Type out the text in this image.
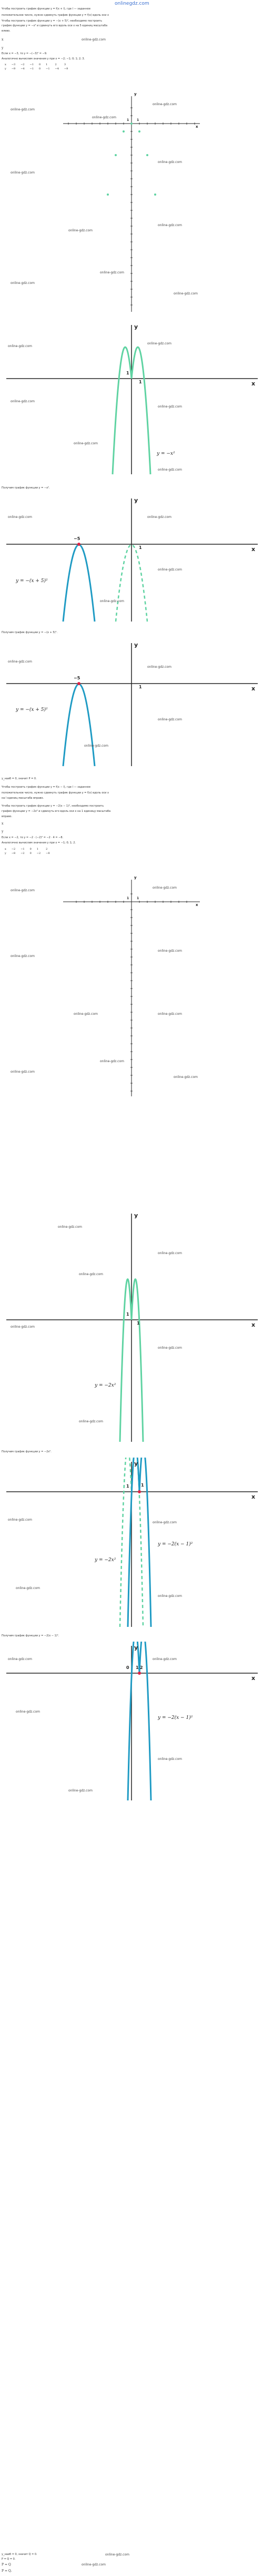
onlinegdz.com
Чтобы построить график функции y = f(x + l), где l — заданное
положительное число, нужно сдвинуть график функции y = f(x) вдоль оси x
Чтобы построить график функции y = −(x + 5)², необходимо построить
график функции y = −x² и сдвинуть его вдоль оси x на 5 единиц масштаба
влево.
online-gdz.com
x
y
Если x = −3, то y = −(−3)² = −9.
Аналогично вычислим значения y при x = −2; −1; 0; 1; 2; 3.
x	−3	−2	−1	0	1	2	3
y	−9	−4	−1	0	−1	−4	−9
y
x
1 1
online-gdz.com
online-gdz.com
online-gdz.com
online-gdz.com
online-gdz.com
online-gdz.com
online-gdz.com
online-gdz.com
online-gdz.com
online-gdz.com
y
x
1
1
y = −x²
online-gdz.com
online-gdz.com
online-gdz.com
online-gdz.com
online-gdz.com
online-gdz.com
Получим график функции y = −x².
y
x
−5
1
y = −(x + 5)²
online-gdz.com	online-gdz.com
online-gdz.com
online-gdz.com
Получим график функции y = −(x + 5)².
y
x
−5
1
y = −(x + 5)²
online-gdz.com
online-gdz.com
online-gdz.com
online-gdz.com
y_наиб = 0, значит P = 0.
Чтобы построить график функции y = f(x − l), где l — заданное
положительное число, нужно сдвинуть график функции y = f(x) вдоль оси x
на l единиц масштаба вправо.
Чтобы построить график функции y = −2(x − 1)², необходимо построить
график функции y = −2x² и сдвинуть его вдоль оси x на 1 единицу масштаба
вправо.
x
y
Если x = −2, то y = −2 · (−2)² = −2 · 4 = −8.
Аналогично вычислим значения y при x = −1; 0; 1; 2.
x	−2	−1	0	1	2
y	−8	−2	0	−2	−8
y
x
1 1
online-gdz.com
online-gdz.com
online-gdz.com
online-gdz.com
online-gdz.com	online-gdz.com
online-gdz.com
online-gdz.com
online-gdz.com
y
x
1
1
y = −2x²
online-gdz.com
online-gdz.com
online-gdz.com
online-gdz.com
online-gdz.com
online-gdz.com
Получим график функции y = −2x².
y
x
1	1
y = −2x²
y = −2(x − 1)²
online-gdz.com
online-gdz.com
online-gdz.com
online-gdz.com
Получим график функции y = −2(x − 1)².
y
x
0 1 2
y = −2(x − 1)²
online-gdz.com	online-gdz.com
online-gdz.com
online-gdz.com
online-gdz.com
y_наиб = 0, значит Q = 0.
P = Q = 0.
P = Q
P = Q.
online-gdz.com
online-gdz.com
